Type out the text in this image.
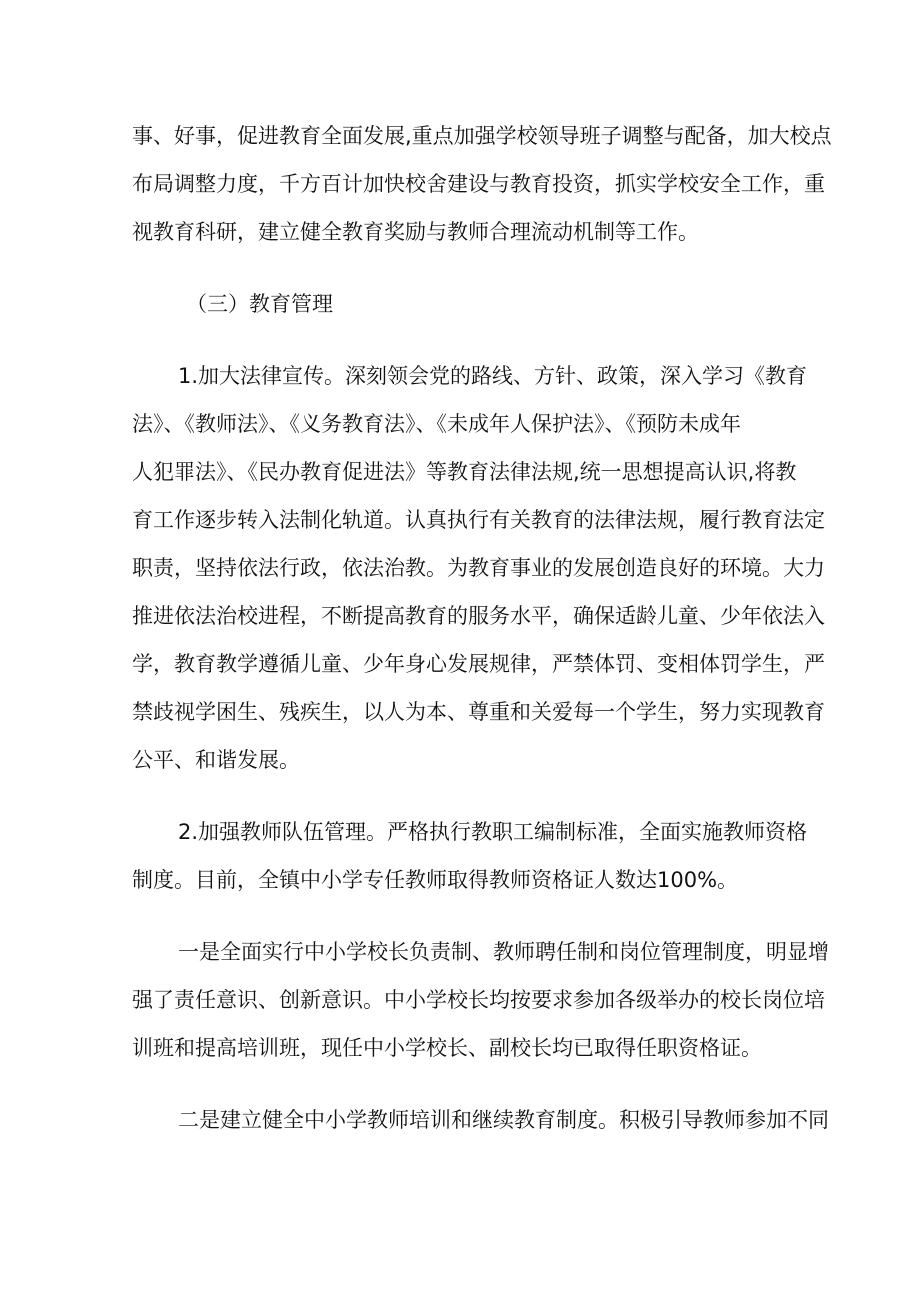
事、好事，促进教育全面发展,重点加强学校领导班子调整与配备，加大校点
布局调整力度，千方百计加快校舍建设与教育投资，抓实学校安全工作，重
视教育科研，建立健全教育奖励与教师合理流动机制等工作。
（三）教育管理
1.加大法律宣传。深刻领会党的路线、方针、政策，深入学习《教育
法》、《教师法》、《义务教育法》、《未成年人保护法》、《预防未成年
人犯罪法》、《民办教育促进法》等教育法律法规,统一思想提高认识,将教
育工作逐步转入法制化轨道。认真执行有关教育的法律法规，履行教育法定
职责，坚持依法行政，依法治教。为教育事业的发展创造良好的环境。大力
推进依法治校进程，不断提高教育的服务水平，确保适龄儿童、少年依法入
学，教育教学遵循儿童、少年身心发展规律，严禁体罚、变相体罚学生，严
禁歧视学困生、残疾生，以人为本、尊重和关爱每一个学生，努力实现教育
公平、和谐发展。
2.加强教师队伍管理。严格执行教职工编制标准，全面实施教师资格
制度。目前，全镇中小学专任教师取得教师资格证人数达100%。
一是全面实行中小学校长负责制、教师聘任制和岗位管理制度，明显增
强了责任意识、创新意识。中小学校长均按要求参加各级举办的校长岗位培
训班和提高培训班，现任中小学校长、副校长均已取得任职资格证。
二是建立健全中小学教师培训和继续教育制度。积极引导教师参加不同
